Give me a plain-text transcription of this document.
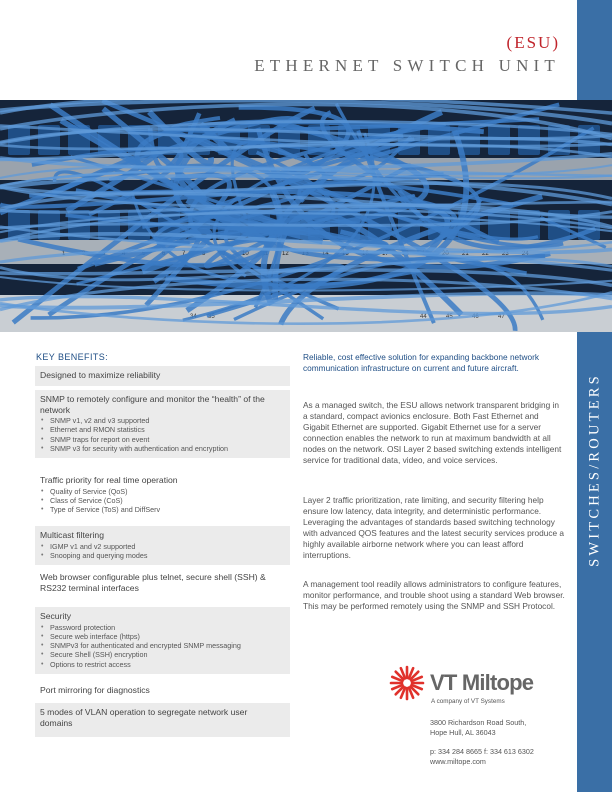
SWITCHES/ROUTERS
(ESU)
ETHERNET SWITCH UNIT
1	2	3	4	5	6	7	8	9	10 11 12 13 14 15 16 17 18 19 20 21 22 23 24
34 35	44	45	46	47
KEY BENEFITS:
Designed to maximize reliability
SNMP to remotely configure and monitor the “health” of the network
• SNMP v1, v2 and v3 supported
• Ethernet and RMON statistics
• SNMP traps for report on event
• SNMP v3 for security with authentication and encryption
Traffic priority for real time operation
• Quality of Service (QoS)
• Class of Service (CoS)
• Type of Service (ToS) and DiffServ
Multicast filtering
• IGMP v1 and v2 supported
• Snooping and querying modes
Web browser configurable plus telnet, secure shell (SSH) & RS232 terminal interfaces
Security
• Password protection
• Secure web interface (https)
• SNMPv3 for authenticated and encrypted SNMP messaging
• Secure Shell (SSH) encryption
• Options to restrict access
Port mirroring for diagnostics
5 modes of VLAN operation to segregate network user domains
Reliable, cost effective solution for expanding backbone network communication infrastructure on current and future aircraft.
As a managed switch, the ESU allows network transparent bridging in a standard, compact avionics enclosure. Both Fast Ethernet and Gigabit Ethernet are supported. Gigabit Ethernet use for a server connection enables the network to run at maximum bandwidth at all nodes on the network. OSI Layer 2 based switching extends intelligent service for traditional data, video, and voice services.
Layer 2 traffic prioritization, rate limiting, and security filtering help ensure low latency, data integrity, and deterministic performance. Leveraging the advantages of standards based switching technology with advanced QOS features and the latest security services produce a highly available airborne network where you can least afford interruptions.
A management tool readily allows administrators to configure features, monitor performance, and trouble shoot using a standard Web browser. This may be performed remotely using the SNMP and SSH Protocol.
VT Miltope
A company of VT Systems
3800 Richardson Road South,
Hope Hull, AL 36043
p: 334 284 8665 f: 334 613 6302
www.miltope.com
